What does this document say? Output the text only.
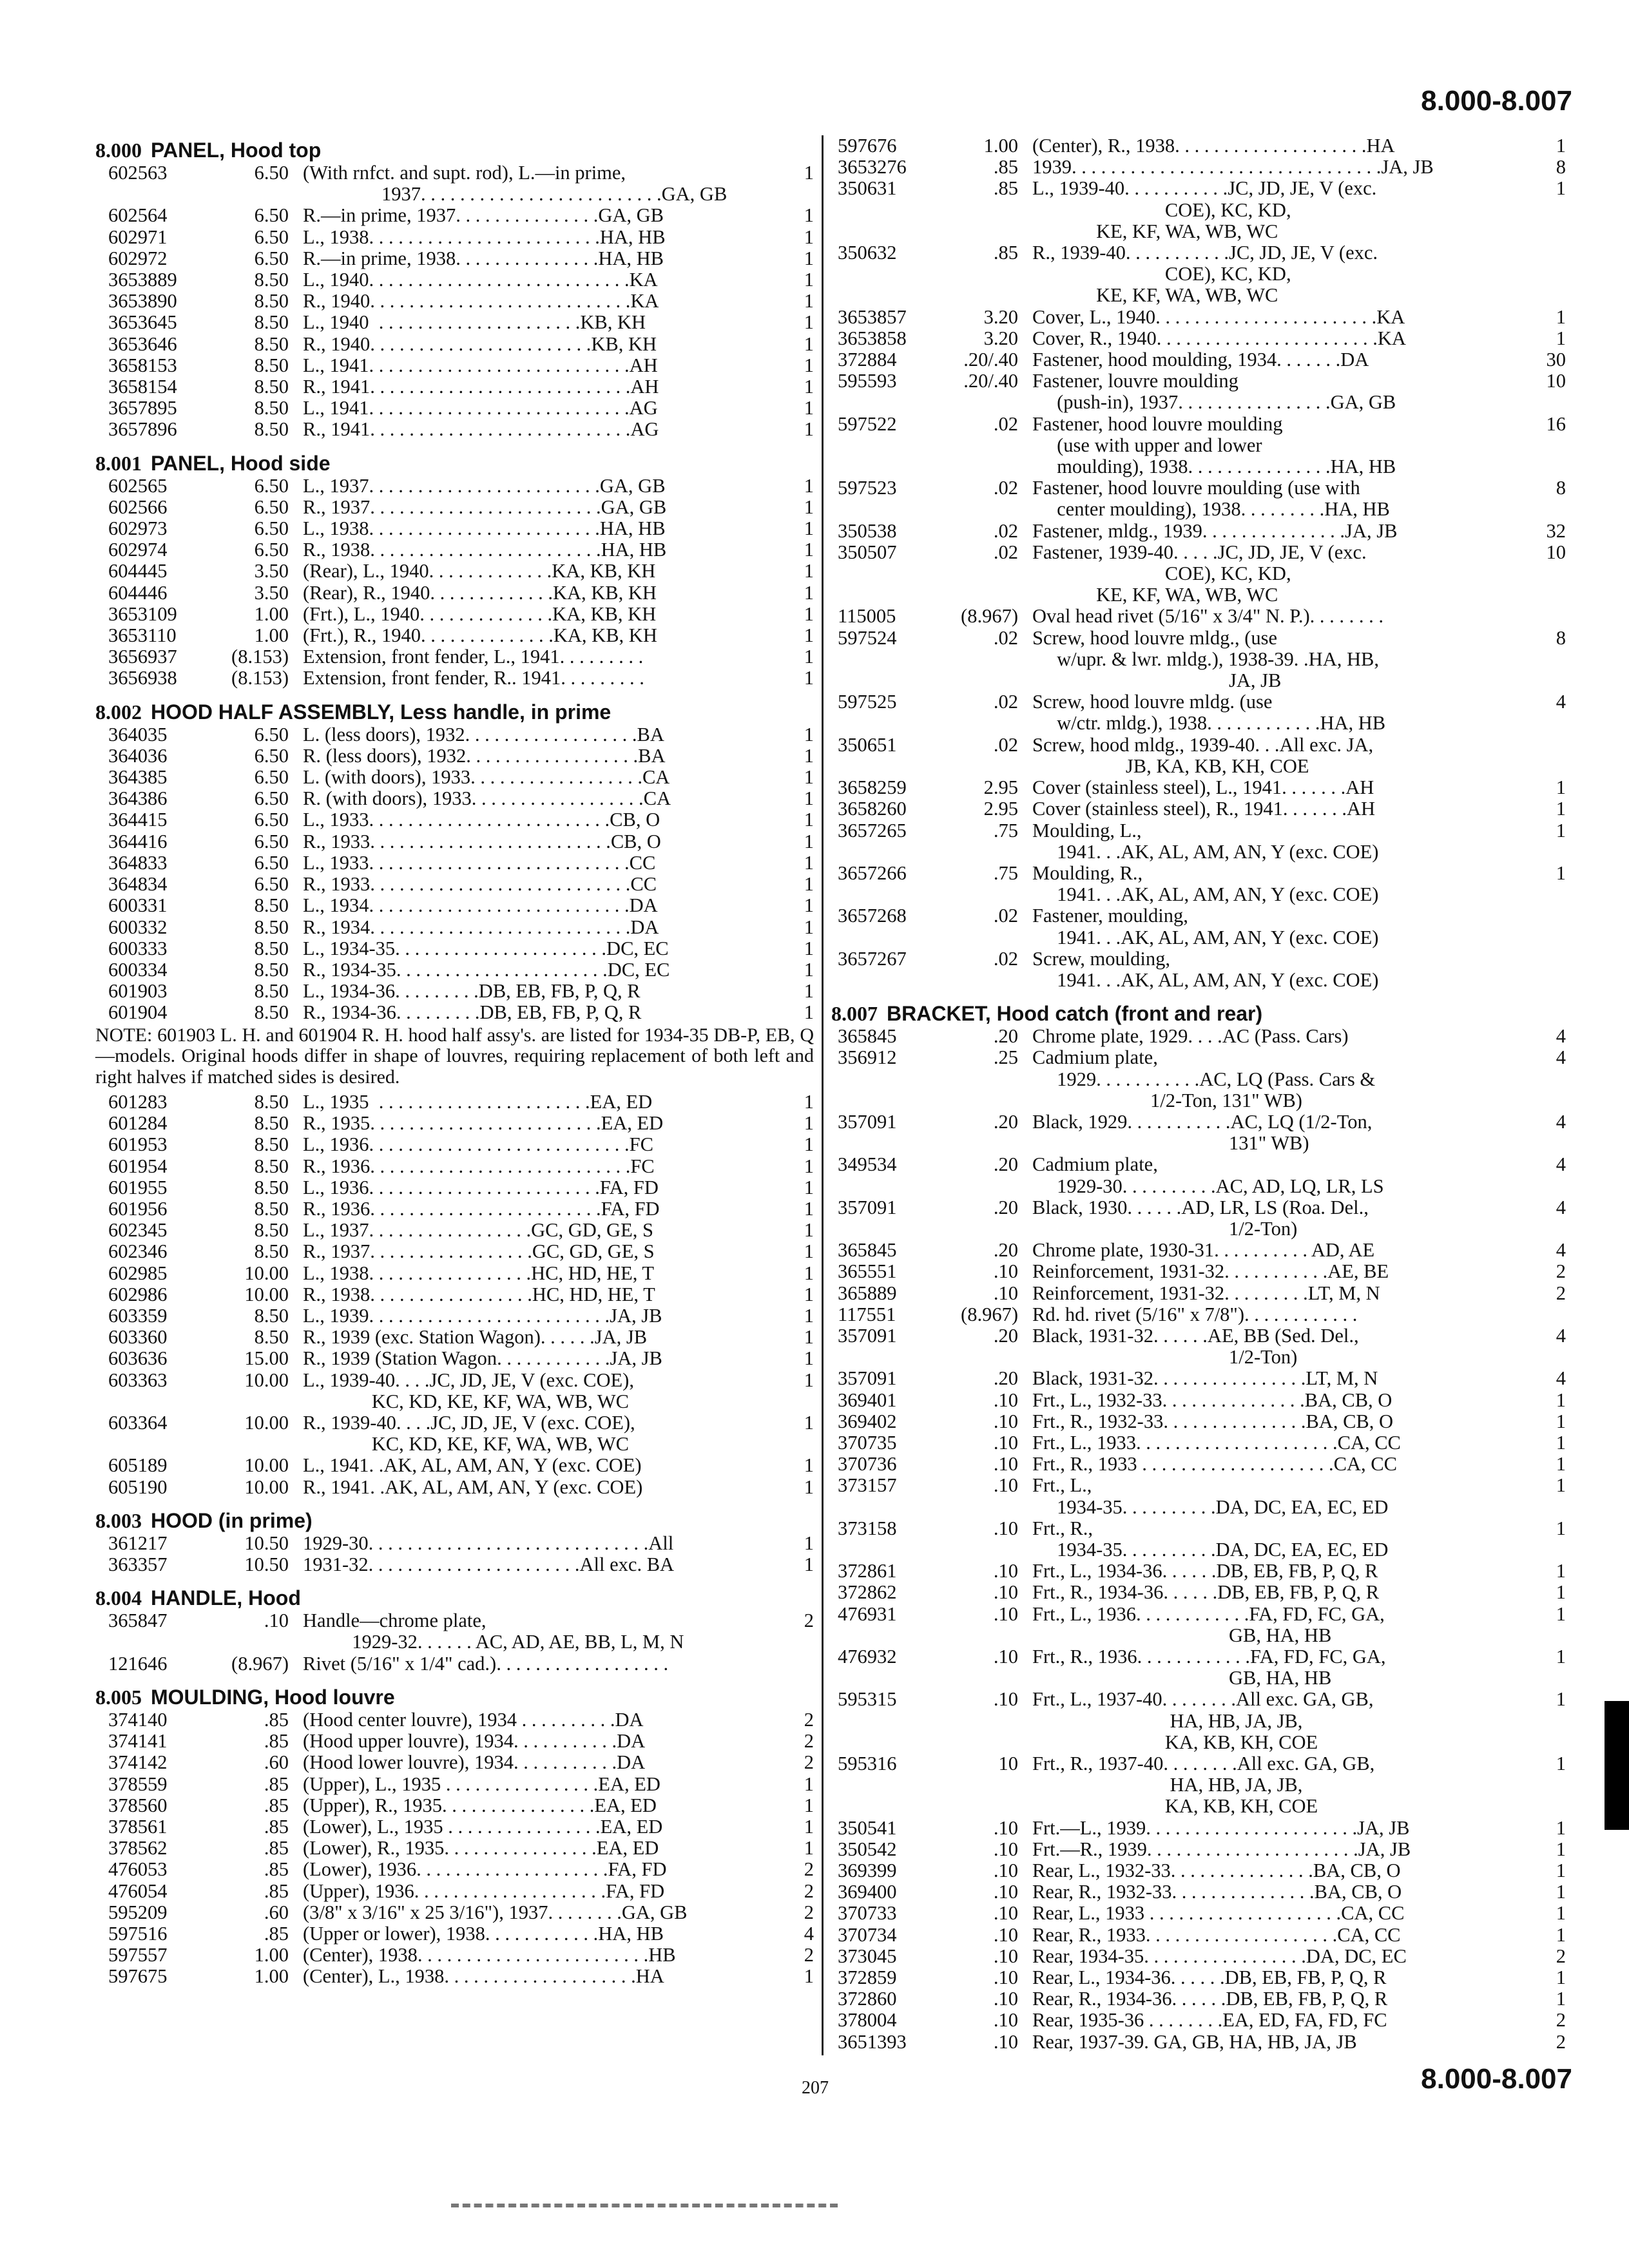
8.000-8.007
8.000 PANEL, Hood top
602563	6.50 (With rnfct. and supt. rod), L.—in prime,
1937. . . . . . . . . . . . . . . . . . . . . . . . .GA, GB
1
602564	6.50 R.—in prime, 1937. . . . . . . . . . . . . . .GA, GB	1
602971	6.50 L., 1938. . . . . . . . . . . . . . . . . . . . . . . .HA, HB	1
602972	6.50 R.—in prime, 1938. . . . . . . . . . . . . . .HA, HB	1
3653889	8.50 L., 1940. . . . . . . . . . . . . . . . . . . . . . . . . . .KA	1
3653890	8.50 R., 1940. . . . . . . . . . . . . . . . . . . . . . . . . . .KA	1
3653645	8.50 L., 1940  . . . . . . . . . . . . . . . . . . . . .KB, KH	1
3653646	8.50 R., 1940. . . . . . . . . . . . . . . . . . . . . . .KB, KH	1
3658153	8.50 L., 1941. . . . . . . . . . . . . . . . . . . . . . . . . . .AH	1
3658154	8.50 R., 1941. . . . . . . . . . . . . . . . . . . . . . . . . . .AH	1
3657895	8.50 L., 1941. . . . . . . . . . . . . . . . . . . . . . . . . . .AG	1
3657896	8.50 R., 1941. . . . . . . . . . . . . . . . . . . . . . . . . . .AG	1
8.001 PANEL, Hood side
602565	6.50 L., 1937. . . . . . . . . . . . . . . . . . . . . . . .GA, GB	1
602566	6.50 R., 1937. . . . . . . . . . . . . . . . . . . . . . . .GA, GB	1
602973	6.50 L., 1938. . . . . . . . . . . . . . . . . . . . . . . .HA, HB	1
602974	6.50 R., 1938. . . . . . . . . . . . . . . . . . . . . . . .HA, HB	1
604445	3.50 (Rear), L., 1940. . . . . . . . . . . . .KA, KB, KH	1
604446	3.50 (Rear), R., 1940. . . . . . . . . . . . .KA, KB, KH	1
3653109	1.00 (Frt.), L., 1940. . . . . . . . . . . . . .KA, KB, KH	1
3653110	1.00 (Frt.), R., 1940. . . . . . . . . . . . . .KA, KB, KH	1
3656937	(8.153) Extension, front fender, L., 1941. . . . . . . . .	1
3656938	(8.153) Extension, front fender, R.. 1941. . . . . . . . .	1
8.002 HOOD HALF ASSEMBLY, Less handle, in prime
364035	6.50 L. (less doors), 1932. . . . . . . . . . . . . . . . . .BA	1
364036	6.50 R. (less doors), 1932. . . . . . . . . . . . . . . . . .BA	1
364385	6.50 L. (with doors), 1933. . . . . . . . . . . . . . . . . .CA	1
364386	6.50 R. (with doors), 1933. . . . . . . . . . . . . . . . . .CA	1
364415	6.50 L., 1933. . . . . . . . . . . . . . . . . . . . . . . . .CB, O	1
364416	6.50 R., 1933. . . . . . . . . . . . . . . . . . . . . . . . .CB, O	1
364833	6.50 L., 1933. . . . . . . . . . . . . . . . . . . . . . . . . . .CC	1
364834	6.50 R., 1933. . . . . . . . . . . . . . . . . . . . . . . . . . .CC	1
600331	8.50 L., 1934. . . . . . . . . . . . . . . . . . . . . . . . . . .DA	1
600332	8.50 R., 1934. . . . . . . . . . . . . . . . . . . . . . . . . . .DA	1
600333	8.50 L., 1934-35. . . . . . . . . . . . . . . . . . . . . .DC, EC	1
600334	8.50 R., 1934-35. . . . . . . . . . . . . . . . . . . . . .DC, EC	1
601903	8.50 L., 1934-36. . . . . . . . .DB, EB, FB, P, Q, R	1
601904	8.50 R., 1934-36. . . . . . . . .DB, EB, FB, P, Q, R	1
NOTE: 601903 L. H. and 601904 R. H. hood half assy's. are listed for 1934-35 DB-P, EB, Q—models. Original hoods differ in shape of louvres, requiring replacement of both left and right halves if matched sides is desired.
601283	8.50 L., 1935  . . . . . . . . . . . . . . . . . . . . . .EA, ED	1
601284	8.50 R., 1935. . . . . . . . . . . . . . . . . . . . . . . .EA, ED	1
601953	8.50 L., 1936. . . . . . . . . . . . . . . . . . . . . . . . . . .FC	1
601954	8.50 R., 1936. . . . . . . . . . . . . . . . . . . . . . . . . . .FC	1
601955	8.50 L., 1936. . . . . . . . . . . . . . . . . . . . . . . .FA, FD	1
601956	8.50 R., 1936. . . . . . . . . . . . . . . . . . . . . . . .FA, FD	1
602345	8.50 L., 1937. . . . . . . . . . . . . . . . .GC, GD, GE, S	1
602346	8.50 R., 1937. . . . . . . . . . . . . . . . .GC, GD, GE, S	1
602985	10.00 L., 1938. . . . . . . . . . . . . . . . .HC, HD, HE, T	1
602986	10.00 R., 1938. . . . . . . . . . . . . . . . .HC, HD, HE, T	1
603359	8.50 L., 1939. . . . . . . . . . . . . . . . . . . . . . . . .JA, JB	1
603360	8.50 R., 1939 (exc. Station Wagon). . . . . .JA, JB	1
603636	15.00 R., 1939 (Station Wagon. . . . . . . . . . . .JA, JB	1
603363	10.00 L., 1939-40. . . .JC, JD, JE, V (exc. COE),
KC, KD, KE, KF, WA, WB, WC
1
603364	10.00 R., 1939-40. . . .JC, JD, JE, V (exc. COE),
KC, KD, KE, KF, WA, WB, WC
1
605189	10.00 L., 1941. .AK, AL, AM, AN, Y (exc. COE)	1
605190	10.00 R., 1941. .AK, AL, AM, AN, Y (exc. COE)	1
8.003 HOOD (in prime)
361217	10.50 1929-30. . . . . . . . . . . . . . . . . . . . . . . . . . . . .All	1
363357	10.50 1931-32. . . . . . . . . . . . . . . . . . . . . .All exc. BA	1
8.004 HANDLE, Hood
365847	.10 Handle—chrome plate,
1929-32. . . . . . AC, AD, AE, BB, L, M, N
2
121646	(8.967) Rivet (5/16" x 1/4" cad.). . . . . . . . . . . . . . . . . .
8.005 MOULDING, Hood louvre
374140	.85 (Hood center louvre), 1934 . . . . . . . . . .DA	2
374141	.85 (Hood upper louvre), 1934. . . . . . . . . . .DA	2
374142	.60 (Hood lower louvre), 1934. . . . . . . . . . .DA	2
378559	.85 (Upper), L., 1935 . . . . . . . . . . . . . . . .EA, ED	1
378560	.85 (Upper), R., 1935. . . . . . . . . . . . . . . .EA, ED	1
378561	.85 (Lower), L., 1935 . . . . . . . . . . . . . . . .EA, ED	1
378562	.85 (Lower), R., 1935. . . . . . . . . . . . . . . .EA, ED	1
476053	.85 (Lower), 1936. . . . . . . . . . . . . . . . . . . .FA, FD	2
476054	.85 (Upper), 1936. . . . . . . . . . . . . . . . . . . .FA, FD	2
595209	.60 (3/8" x 3/16" x 25 3/16"), 1937. . . . . . . .GA, GB	2
597516	.85 (Upper or lower), 1938. . . . . . . . . . . .HA, HB	4
597557	1.00 (Center), 1938. . . . . . . . . . . . . . . . . . . . . . . .HB	2
597675	1.00 (Center), L., 1938. . . . . . . . . . . . . . . . . . . .HA	1
597676	1.00 (Center), R., 1938. . . . . . . . . . . . . . . . . . . .HA	1
3653276	.85 1939. . . . . . . . . . . . . . . . . . . . . . . . . . . . . . . .JA, JB	8
350631	.85 L., 1939-40. . . . . . . . . . .JC, JD, JE, V (exc.
COE), KC, KD,
KE, KF, WA, WB, WC
1
350632	.85 R., 1939-40. . . . . . . . . . .JC, JD, JE, V (exc.
COE), KC, KD,
KE, KF, WA, WB, WC
3653857	3.20 Cover, L., 1940. . . . . . . . . . . . . . . . . . . . . . .KA	1
3653858	3.20 Cover, R., 1940. . . . . . . . . . . . . . . . . . . . . . .KA	1
372884	.20/.40 Fastener, hood moulding, 1934. . . . . . .DA	30
595593	.20/.40 Fastener, louvre moulding
(push-in), 1937. . . . . . . . . . . . . . . .GA, GB
10
597522	.02 Fastener, hood louvre moulding
(use with upper and lower
moulding), 1938. . . . . . . . . . . . . . .HA, HB
16
597523	.02 Fastener, hood louvre moulding (use with
center moulding), 1938. . . . . . . . .HA, HB
8
350538	.02 Fastener, mldg., 1939. . . . . . . . . . . . . . .JA, JB	32
350507	.02 Fastener, 1939-40. . . . .JC, JD, JE, V (exc.
COE), KC, KD,
KE, KF, WA, WB, WC
10
115005	(8.967) Oval head rivet (5/16" x 3/4" N. P.). . . . . . . .
597524	.02 Screw, hood louvre mldg., (use
w/upr. & lwr. mldg.), 1938-39. .HA, HB,
JA, JB
8
597525	.02 Screw, hood louvre mldg. (use
w/ctr. mldg.), 1938. . . . . . . . . . . .HA, HB
4
350651	.02 Screw, hood mldg., 1939-40. . .All exc. JA,
JB, KA, KB, KH, COE
3658259	2.95 Cover (stainless steel), L., 1941. . . . . . .AH	1
3658260	2.95 Cover (stainless steel), R., 1941. . . . . . .AH	1
3657265	.75 Moulding, L.,
1941. . .AK, AL, AM, AN, Y (exc. COE)
1
3657266	.75 Moulding, R.,
1941. . .AK, AL, AM, AN, Y (exc. COE)
1
3657268	.02 Fastener, moulding,
1941. . .AK, AL, AM, AN, Y (exc. COE)
3657267	.02 Screw, moulding,
1941. . .AK, AL, AM, AN, Y (exc. COE)
8.007 BRACKET, Hood catch (front and rear)
365845	.20 Chrome plate, 1929. . . .AC (Pass. Cars)	4
356912	.25 Cadmium plate,
1929. . . . . . . . . . .AC, LQ (Pass. Cars &
1/2-Ton, 131" WB)
4
357091	.20 Black, 1929. . . . . . . . . . .AC, LQ (1/2-Ton,
131" WB)
4
349534	.20 Cadmium plate,
1929-30. . . . . . . . . .AC, AD, LQ, LR, LS
4
357091	.20 Black, 1930. . . . . .AD, LR, LS (Roa. Del.,
1/2-Ton)
4
365845	.20 Chrome plate, 1930-31. . . . . . . . . . AD, AE	4
365551	.10 Reinforcement, 1931-32. . . . . . . . . . .AE, BE	2
365889	.10 Reinforcement, 1931-32. . . . . . . . .LT, M, N	2
117551	(8.967) Rd. hd. rivet (5/16" x 7/8"). . . . . . . . . . . .
357091	.20 Black, 1931-32. . . . . .AE, BB (Sed. Del.,
1/2-Ton)
4
357091	.20 Black, 1931-32. . . . . . . . . . . . . . . .LT, M, N	4
369401	.10 Frt., L., 1932-33. . . . . . . . . . . . . . .BA, CB, O	1
369402	.10 Frt., R., 1932-33. . . . . . . . . . . . . . .BA, CB, O	1
370735	.10 Frt., L., 1933. . . . . . . . . . . . . . . . . . . . .CA, CC	1
370736	.10 Frt., R., 1933 . . . . . . . . . . . . . . . . . . . .CA, CC	1
373157	.10 Frt., L.,
1934-35. . . . . . . . . .DA, DC, EA, EC, ED
1
373158	.10 Frt., R.,
1934-35. . . . . . . . . .DA, DC, EA, EC, ED
1
372861	.10 Frt., L., 1934-36. . . . . .DB, EB, FB, P, Q, R	1
372862	.10 Frt., R., 1934-36. . . . . .DB, EB, FB, P, Q, R	1
476931	.10 Frt., L., 1936. . . . . . . . . . . .FA, FD, FC, GA,
GB, HA, HB
1
476932	.10 Frt., R., 1936. . . . . . . . . . . .FA, FD, FC, GA,
GB, HA, HB
1
595315	.10 Frt., L., 1937-40. . . . . . . .All exc. GA, GB,
HA, HB, JA, JB,
KA, KB, KH, COE
1
595316	10 Frt., R., 1937-40. . . . . . . .All exc. GA, GB,
HA, HB, JA, JB,
KA, KB, KH, COE
1
350541	.10 Frt.—L., 1939. . . . . . . . . . . . . . . . . . . . . .JA, JB	1
350542	.10 Frt.—R., 1939. . . . . . . . . . . . . . . . . . . . . .JA, JB	1
369399	.10 Rear, L., 1932-33. . . . . . . . . . . . . . .BA, CB, O	1
369400	.10 Rear, R., 1932-33. . . . . . . . . . . . . . .BA, CB, O	1
370733	.10 Rear, L., 1933 . . . . . . . . . . . . . . . . . . . .CA, CC	1
370734	.10 Rear, R., 1933. . . . . . . . . . . . . . . . . . . .CA, CC	1
373045	.10 Rear, 1934-35. . . . . . . . . . . . . . . . .DA, DC, EC	2
372859	.10 Rear, L., 1934-36. . . . . .DB, EB, FB, P, Q, R	1
372860	.10 Rear, R., 1934-36. . . . . .DB, EB, FB, P, Q, R	1
378004	.10 Rear, 1935-36 . . . . . . . .EA, ED, FA, FD, FC	2
3651393	.10 Rear, 1937-39. GA, GB, HA, HB, JA, JB	2
207	8.000-8.007
